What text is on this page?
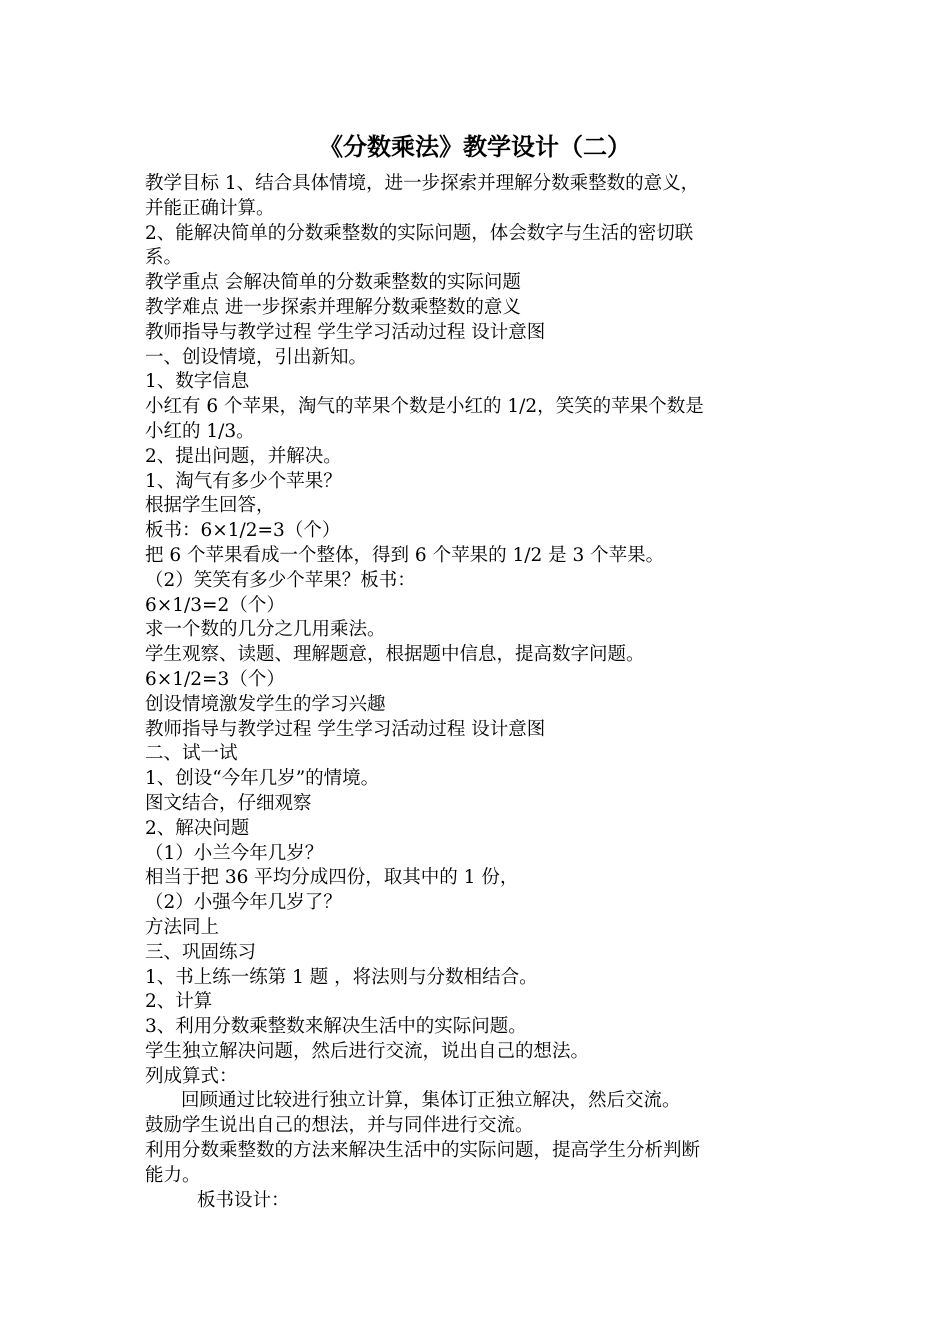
《分数乘法》教学设计（二）
教学目标 1、结合具体情境，进一步探索并理解分数乘整数的意义，
并能正确计算。
2、能解决简单的分数乘整数的实际问题，体会数字与生活的密切联
系。
教学重点 会解决简单的分数乘整数的实际问题
教学难点 进一步探索并理解分数乘整数的意义
教师指导与教学过程 学生学习活动过程 设计意图
一、创设情境，引出新知。
1、数字信息
小红有 6 个苹果，淘气的苹果个数是小红的 1/2，笑笑的苹果个数是
小红的 1/3。
2、提出问题，并解决。
1、淘气有多少个苹果？
根据学生回答，
板书：6×1/2=3（个）
把 6 个苹果看成一个整体，得到 6 个苹果的 1/2 是 3 个苹果。
（2）笑笑有多少个苹果？板书：
6×1/3=2（个）
求一个数的几分之几用乘法。
学生观察、读题、理解题意，根据题中信息，提高数字问题。
6×1/2=3（个）
创设情境激发学生的学习兴趣
教师指导与教学过程 学生学习活动过程 设计意图
二、试一试
1、创设“今年几岁”的情境。
图文结合，仔细观察
2、解决问题
（1）小兰今年几岁？
相当于把 36 平均分成四份，取其中的 1 份，
（2）小强今年几岁了？
方法同上
三、巩固练习
1、书上练一练第 1 题 ，将法则与分数相结合。
2、计算
3、利用分数乘整数来解决生活中的实际问题。
学生独立解决问题，然后进行交流，说出自己的想法。
列成算式：
回顾通过比较进行独立计算，集体订正独立解决，然后交流。
鼓励学生说出自己的想法，并与同伴进行交流。
利用分数乘整数的方法来解决生活中的实际问题，提高学生分析判断
能力。
板书设计：
